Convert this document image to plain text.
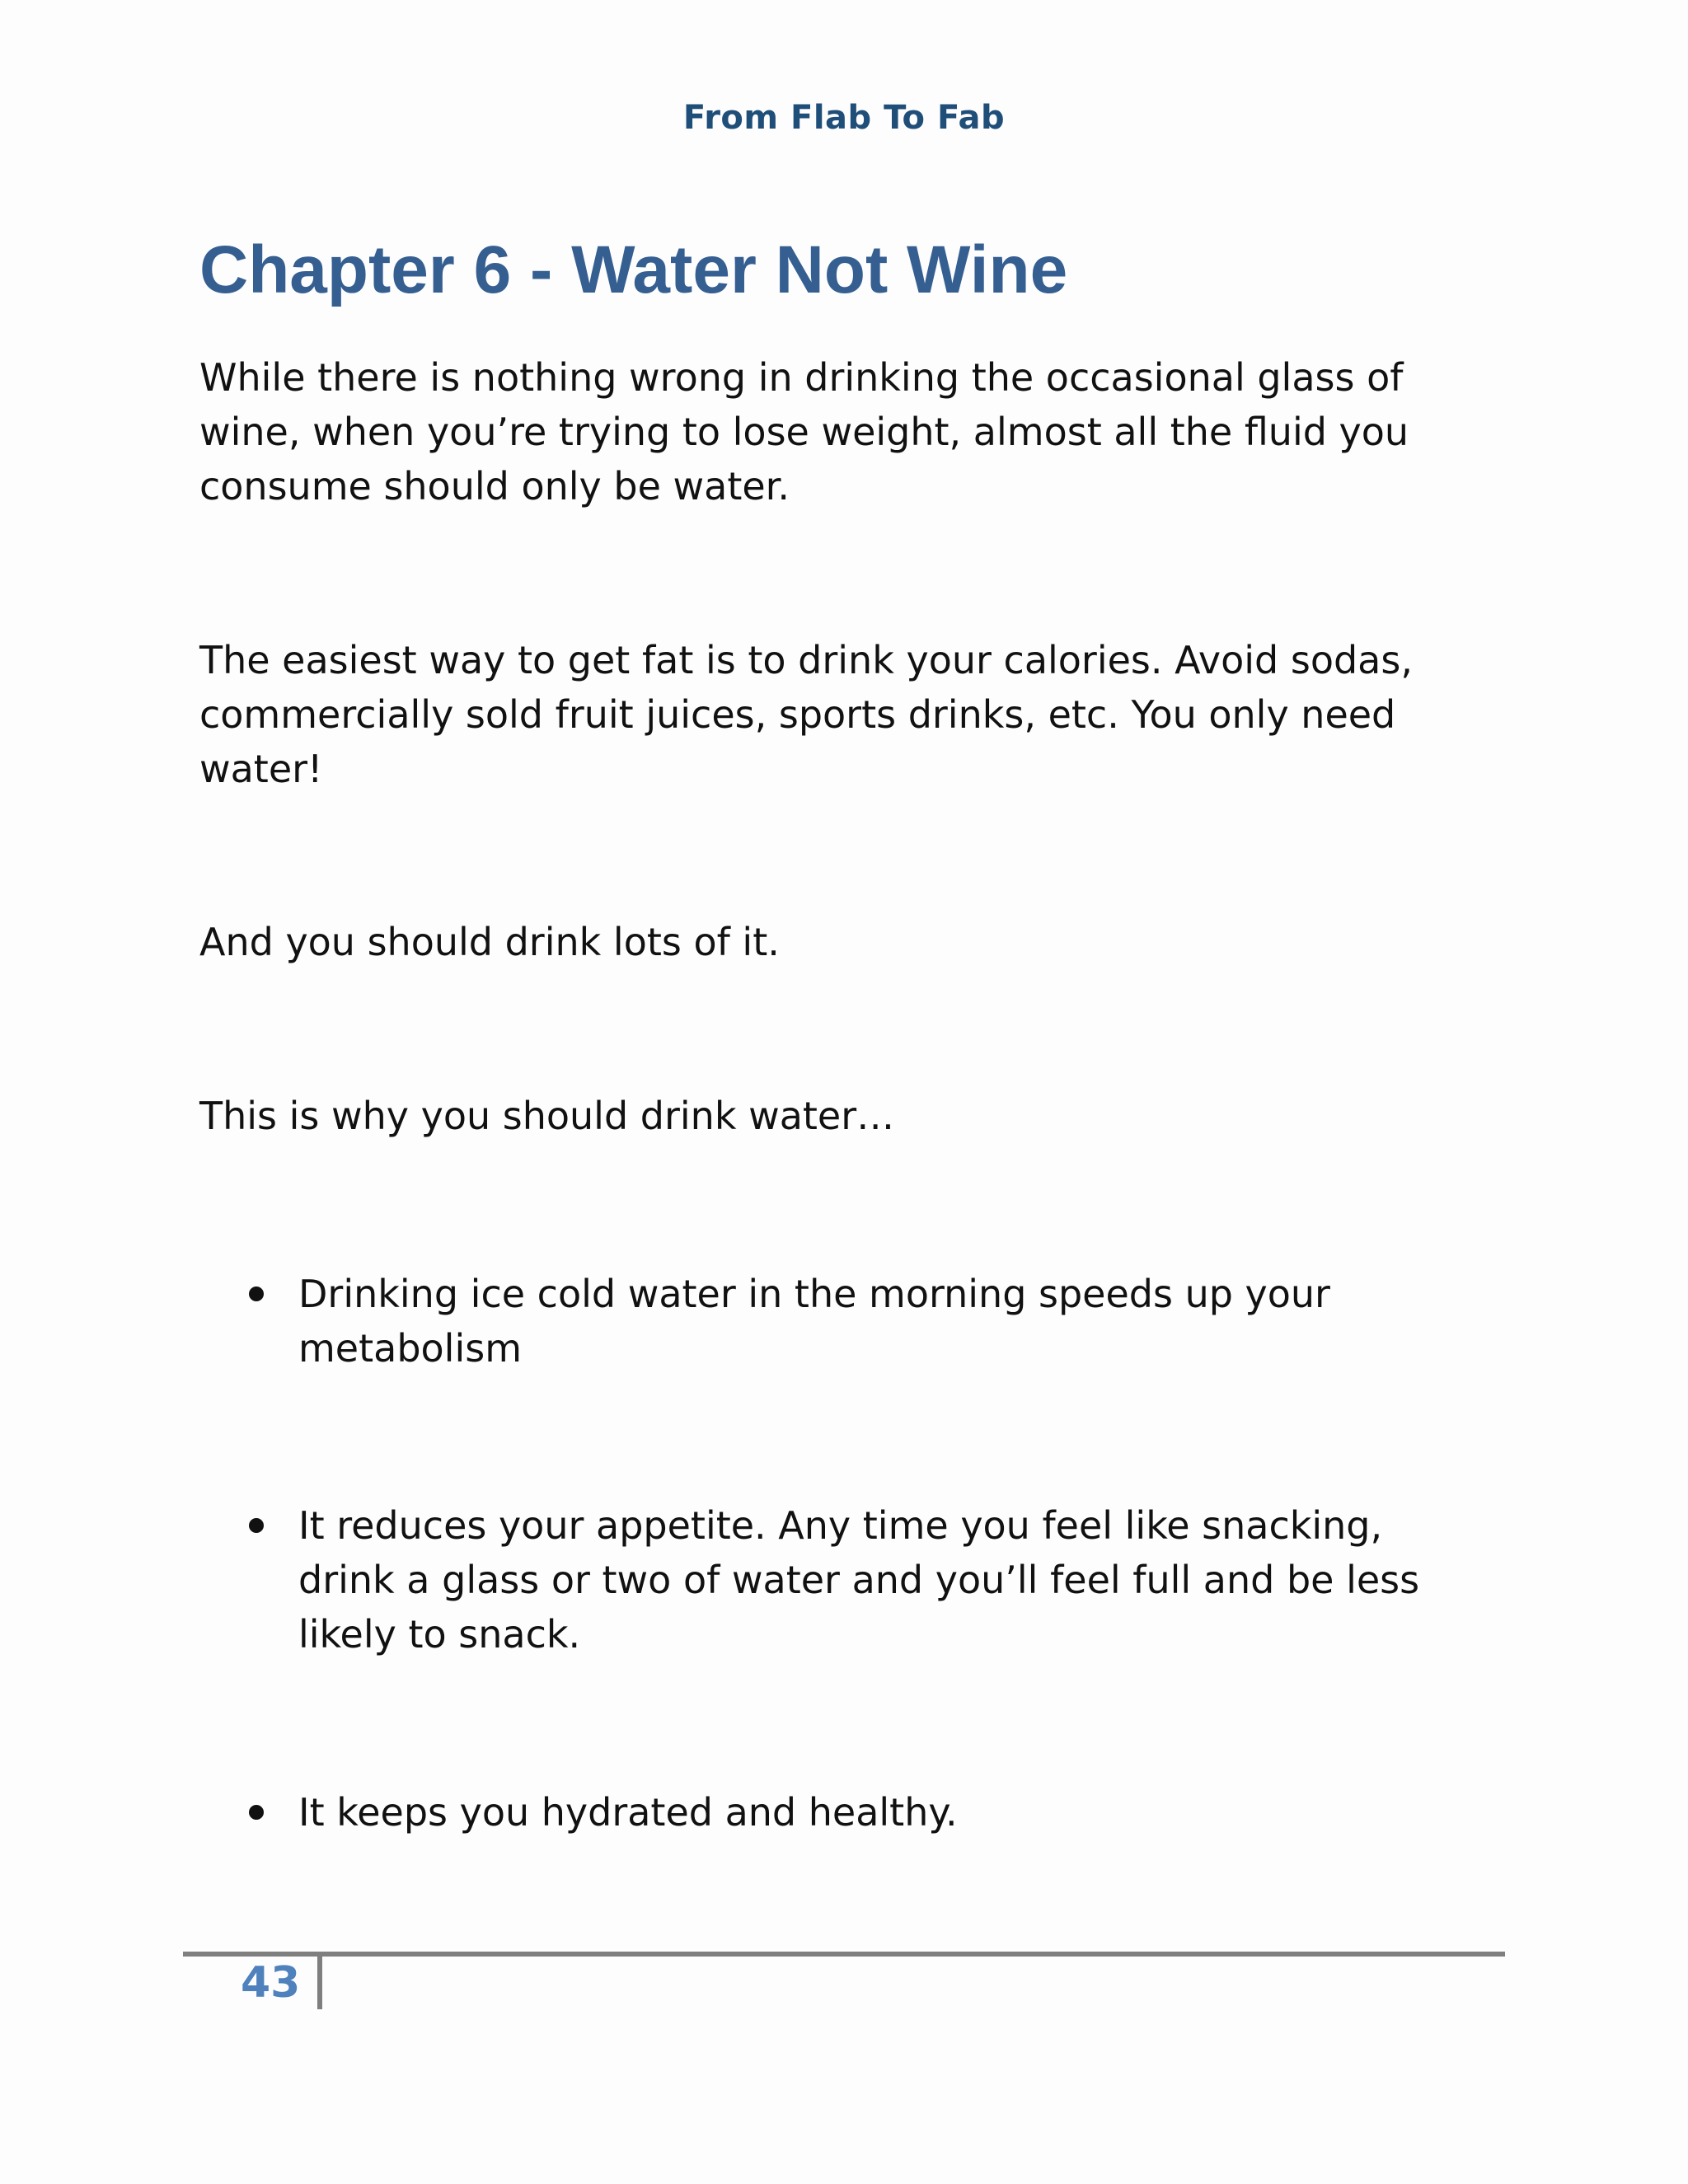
From Flab To Fab
Chapter 6 - Water Not Wine

While there is nothing wrong in drinking the occasional glass of wine, when you’re trying to lose weight, almost all the fluid you consume should only be water.

The easiest way to get fat is to drink your calories. Avoid sodas, commercially sold fruit juices, sports drinks, etc. You only need water!

And you should drink lots of it.

This is why you should drink water…

Drinking ice cold water in the morning speeds up your metabolism

It reduces your appetite. Any time you feel like snacking, drink a glass or two of water and you’ll feel full and be less likely to snack.

It keeps you hydrated and healthy.

43
